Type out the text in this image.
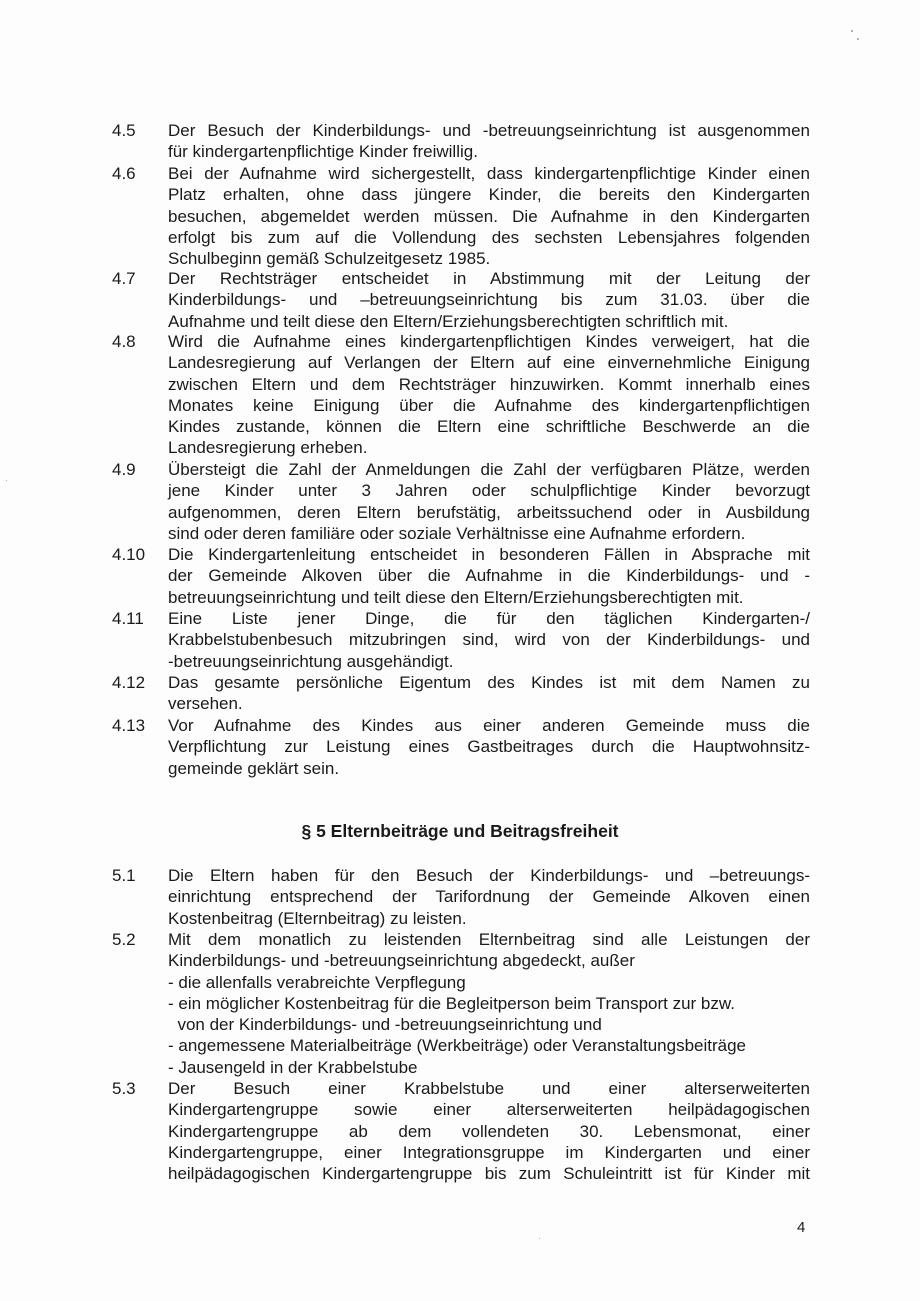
4.5 Der Besuch der Kinderbildungs- und -betreuungseinrichtung ist ausgenommen
für kindergartenpflichtige Kinder freiwillig.
4.6 Bei der Aufnahme wird sichergestellt, dass kindergartenpflichtige Kinder einen
Platz erhalten, ohne dass jüngere Kinder, die bereits den Kindergarten
besuchen, abgemeldet werden müssen. Die Aufnahme in den Kindergarten
erfolgt bis zum auf die Vollendung des sechsten Lebensjahres folgenden
Schulbeginn gemäß Schulzeitgesetz 1985.
4.7 Der Rechtsträger entscheidet in Abstimmung mit der Leitung der
Kinderbildungs- und –betreuungseinrichtung bis zum 31.03. über die
Aufnahme und teilt diese den Eltern/Erziehungsberechtigten schriftlich mit.
4.8 Wird die Aufnahme eines kindergartenpflichtigen Kindes verweigert, hat die
Landesregierung auf Verlangen der Eltern auf eine einvernehmliche Einigung
zwischen Eltern und dem Rechtsträger hinzuwirken. Kommt innerhalb eines
Monates keine Einigung über die Aufnahme des kindergartenpflichtigen
Kindes zustande, können die Eltern eine schriftliche Beschwerde an die
Landesregierung erheben.
4.9 Übersteigt die Zahl der Anmeldungen die Zahl der verfügbaren Plätze, werden
jene Kinder unter 3 Jahren oder schulpflichtige Kinder bevorzugt
aufgenommen, deren Eltern berufstätig, arbeitssuchend oder in Ausbildung
sind oder deren familiäre oder soziale Verhältnisse eine Aufnahme erfordern.
4.10 Die Kindergartenleitung entscheidet in besonderen Fällen in Absprache mit
der Gemeinde Alkoven über die Aufnahme in die Kinderbildungs- und -
betreuungseinrichtung und teilt diese den Eltern/Erziehungsberechtigten mit.
4.11 Eine Liste jener Dinge, die für den täglichen Kindergarten-/
Krabbelstubenbesuch mitzubringen sind, wird von der Kinderbildungs- und
-betreuungseinrichtung ausgehändigt.
4.12 Das gesamte persönliche Eigentum des Kindes ist mit dem Namen zu
versehen.
4.13 Vor Aufnahme des Kindes aus einer anderen Gemeinde muss die
Verpflichtung zur Leistung eines Gastbeitrages durch die Hauptwohnsitz-
gemeinde geklärt sein.
§ 5 Elternbeiträge und Beitragsfreiheit
5.1 Die Eltern haben für den Besuch der Kinderbildungs- und –betreuungs-
einrichtung entsprechend der Tarifordnung der Gemeinde Alkoven einen
Kostenbeitrag (Elternbeitrag) zu leisten.
5.2 Mit dem monatlich zu leistenden Elternbeitrag sind alle Leistungen der
Kinderbildungs- und -betreuungseinrichtung abgedeckt, außer
- die allenfalls verabreichte Verpflegung
- ein möglicher Kostenbeitrag für die Begleitperson beim Transport zur bzw.
von der Kinderbildungs- und -betreuungseinrichtung und
- angemessene Materialbeiträge (Werkbeiträge) oder Veranstaltungsbeiträge
- Jausengeld in der Krabbelstube
5.3 Der Besuch einer Krabbelstube und einer alterserweiterten
Kindergartengruppe sowie einer alterserweiterten heilpädagogischen
Kindergartengruppe ab dem vollendeten 30. Lebensmonat, einer
Kindergartengruppe, einer Integrationsgruppe im Kindergarten und einer
heilpädagogischen Kindergartengruppe bis zum Schuleintritt ist für Kinder mit
4
